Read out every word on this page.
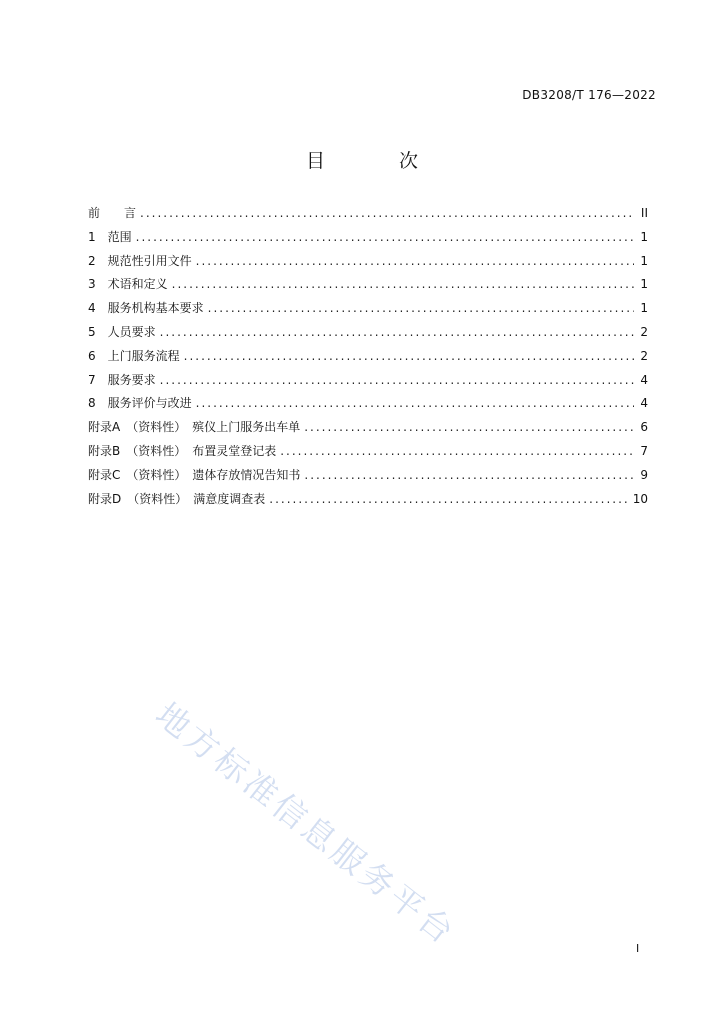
DB3208/T 176—2022
目 次
前　　言 .....	II
1　范围 .....	1
2　规范性引用文件 .....	1
3　术语和定义 .....	1
4　服务机构基本要求 .....	1
5　人员要求 .....	2
6　上门服务流程 .....	2
7　服务要求 .....	4
8　服务评价与改进 .....	4
附录A　（资料性）　殡仪上门服务出车单 .....	6
附录B　（资料性）　布置灵堂登记表 .....	7
附录C　（资料性）　遗体存放情况告知书 .....	9
附录D　（资料性）　满意度调查表 .....	10
地方标准信息服务平台	I
